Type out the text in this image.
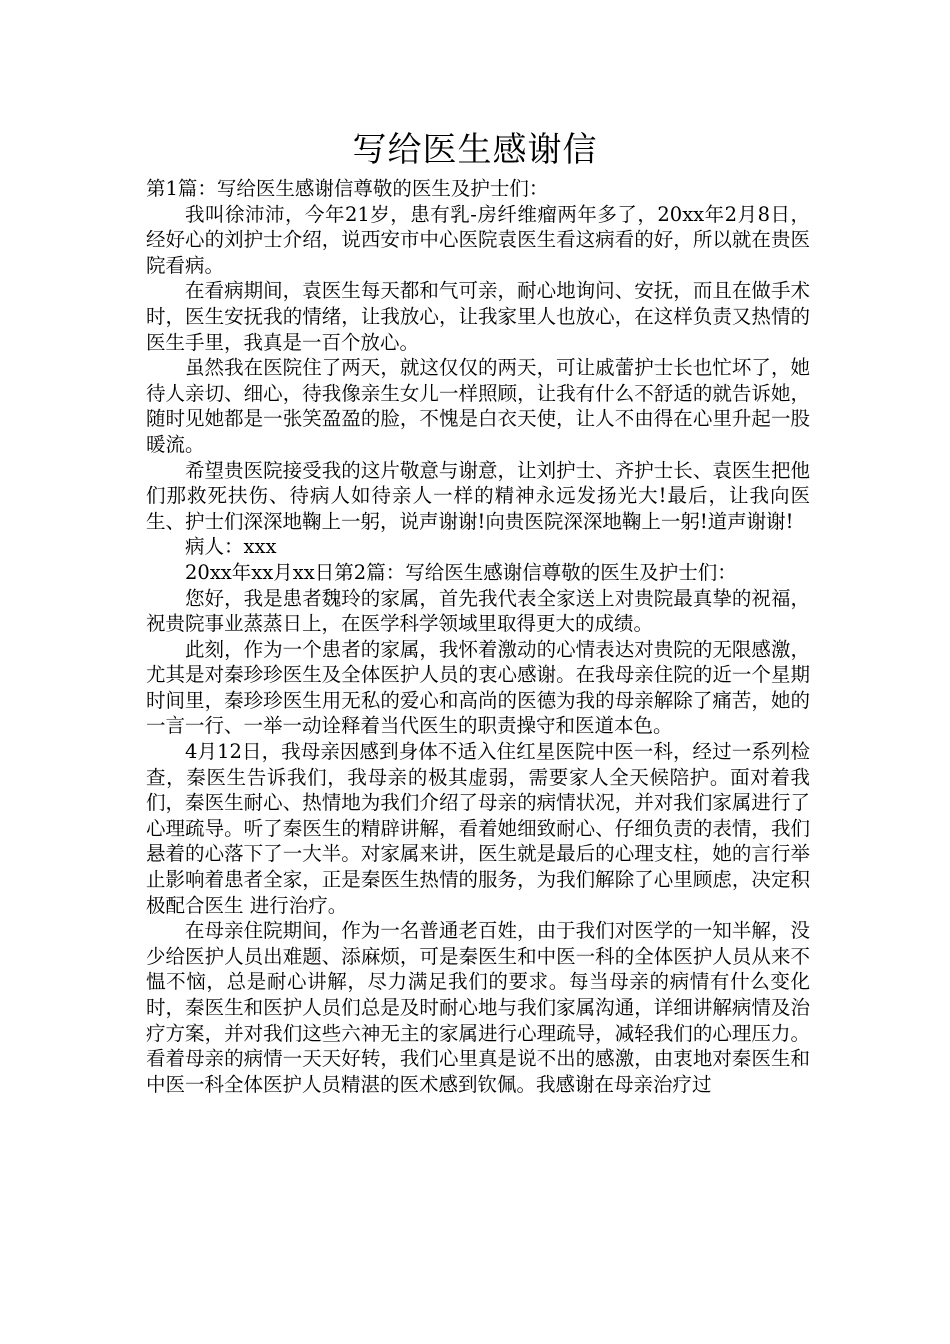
写给医生感谢信

第1篇：写给医生感谢信尊敬的医生及护士们：

我叫徐沛沛，今年21岁，患有乳-房纤维瘤两年多了，20xx年2月8日，经好心的刘护士介绍，说西安市中心医院袁医生看这病看的好，所以就在贵医院看病。

在看病期间，袁医生每天都和气可亲，耐心地询问、安抚，而且在做手术时，医生安抚我的情绪，让我放心，让我家里人也放心，在这样负责又热情的医生手里，我真是一百个放心。

虽然我在医院住了两天，就这仅仅的两天，可让戚蕾护士长也忙坏了，她待人亲切、细心，待我像亲生女儿一样照顾，让我有什么不舒适的就告诉她，随时见她都是一张笑盈盈的脸，不愧是白衣天使，让人不由得在心里升起一股暖流。

希望贵医院接受我的这片敬意与谢意，让刘护士、齐护士长、袁医生把他们那救死扶伤、待病人如待亲人一样的精神永远发扬光大!最后，让我向医生、护士们深深地鞠上一躬，说声谢谢!向贵医院深深地鞠上一躬!道声谢谢!

病人：xxx

20xx年xx月xx日第2篇：写给医生感谢信尊敬的医生及护士们：

您好，我是患者魏玲的家属，首先我代表全家送上对贵院最真挚的祝福，祝贵院事业蒸蒸日上，在医学科学领域里取得更大的成绩。

此刻，作为一个患者的家属，我怀着激动的心情表达对贵院的无限感激，尤其是对秦珍珍医生及全体医护人员的衷心感谢。在我母亲住院的近一个星期时间里，秦珍珍医生用无私的爱心和高尚的医德为我的母亲解除了痛苦，她的一言一行、一举一动诠释着当代医生的职责操守和医道本色。

4月12日，我母亲因感到身体不适入住红星医院中医一科，经过一系列检查，秦医生告诉我们，我母亲的极其虚弱，需要家人全天候陪护。面对着我们，秦医生耐心、热情地为我们介绍了母亲的病情状况，并对我们家属进行了心理疏导。听了秦医生的精辟讲解，看着她细致耐心、仔细负责的表情，我们悬着的心落下了一大半。对家属来讲，医生就是最后的心理支柱，她的言行举止影响着患者全家，正是秦医生热情的服务，为我们解除了心里顾虑，决定积极配合医生 进行治疗。

在母亲住院期间，作为一名普通老百姓，由于我们对医学的一知半解，没少给医护人员出难题、添麻烦，可是秦医生和中医一科的全体医护人员从来不愠不恼，总是耐心讲解，尽力满足我们的要求。每当母亲的病情有什么变化时，秦医生和医护人员们总是及时耐心地与我们家属沟通，详细讲解病情及治疗方案，并对我们这些六神无主的家属进行心理疏导，减轻我们的心理压力。看着母亲的病情一天天好转，我们心里真是说不出的感激，由衷地对秦医生和中医一科全体医护人员精湛的医术感到钦佩。我感谢在母亲治疗过
